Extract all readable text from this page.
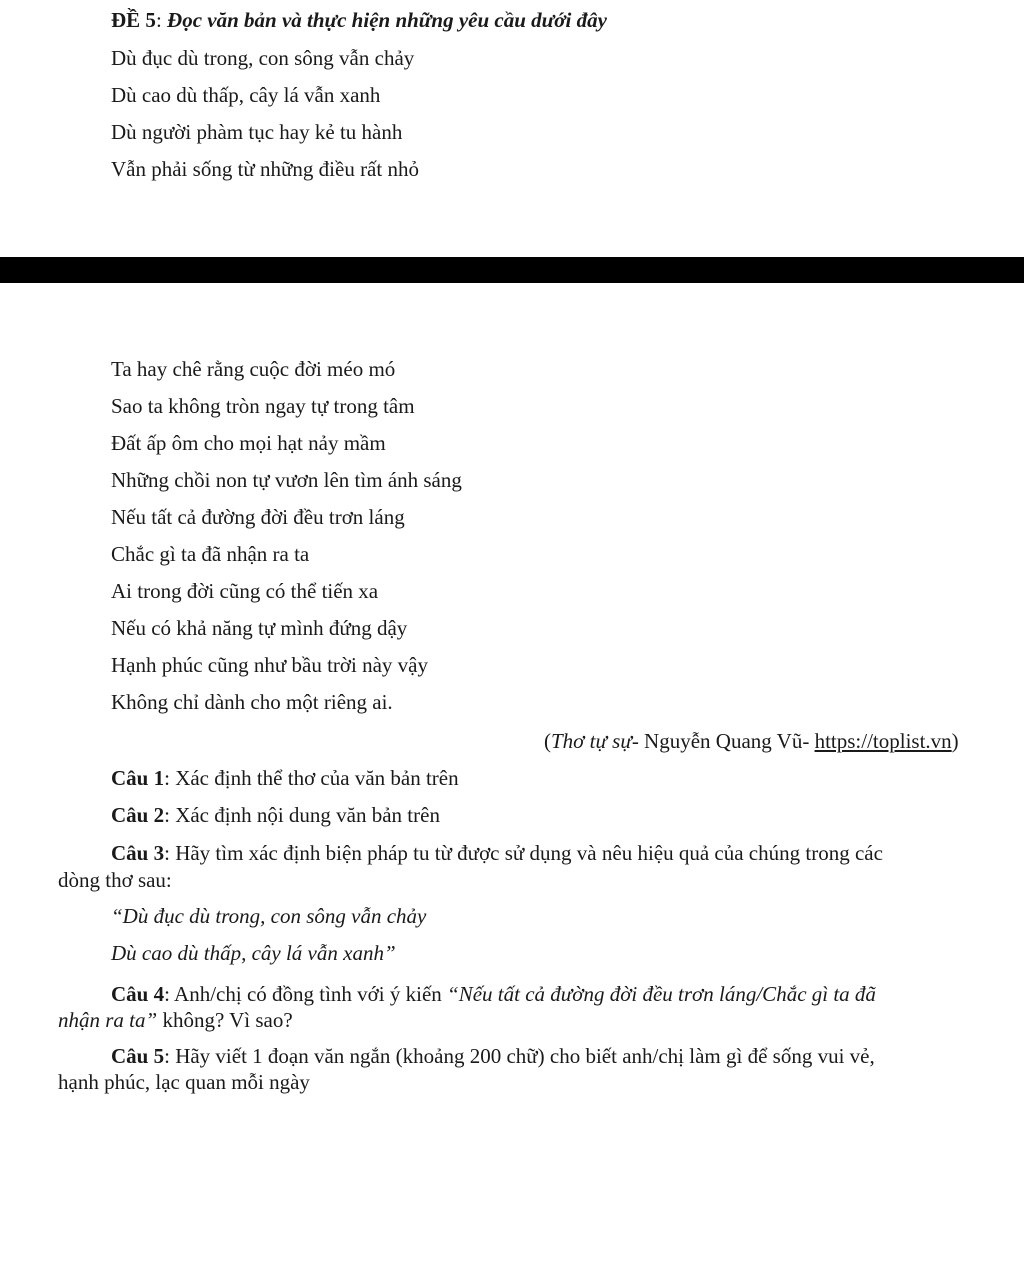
ĐỀ 5: Đọc văn bản và thực hiện những yêu cầu dưới đây
Dù đục dù trong, con sông vẫn chảy
Dù cao dù thấp, cây lá vẫn xanh
Dù người phàm tục hay kẻ tu hành
Vẫn phải sống từ những điều rất nhỏ
Ta hay chê rằng cuộc đời méo mó
Sao ta không tròn ngay tự trong tâm
Đất ấp ôm cho mọi hạt nảy mầm
Những chồi non tự vươn lên tìm ánh sáng
Nếu tất cả đường đời đều trơn láng
Chắc gì ta đã nhận ra ta
Ai trong đời cũng có thể tiến xa
Nếu có khả năng tự mình đứng dậy
Hạnh phúc cũng như bầu trời này vậy
Không chỉ dành cho một riêng ai.
(Thơ tự sự- Nguyễn Quang Vũ- https://toplist.vn)
Câu 1: Xác định thể thơ của văn bản trên
Câu 2: Xác định nội dung văn bản trên
Câu 3: Hãy tìm xác định biện pháp tu từ được sử dụng và nêu hiệu quả của chúng trong các
dòng thơ sau:
“Dù đục dù trong, con sông vẫn chảy
Dù cao dù thấp, cây lá vẫn xanh”
Câu 4: Anh/chị có đồng tình với ý kiến “Nếu tất cả đường đời đều trơn láng/Chắc gì ta đã
nhận ra ta” không? Vì sao?
Câu 5: Hãy viết 1 đoạn văn ngắn (khoảng 200 chữ) cho biết anh/chị làm gì để sống vui vẻ,
hạnh phúc, lạc quan mỗi ngày
